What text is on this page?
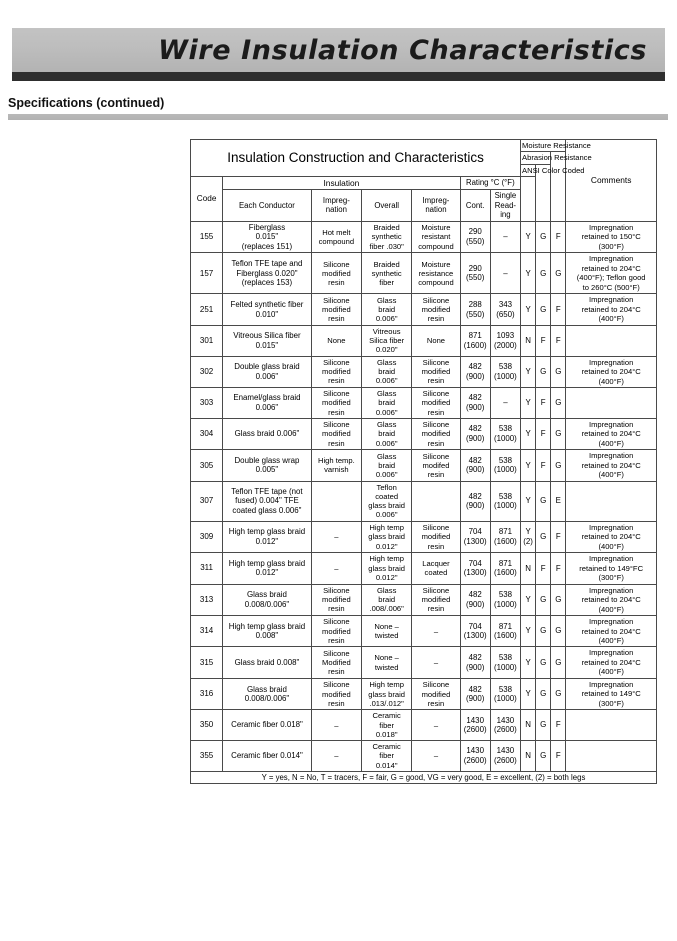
Wire Insulation Characteristics
Specifications (continued)
Insulation Construction and Characteristics							Moisture Resistance			Comments
							Abrasion Resistance			
							ANSI Color Coded			
Code	Insulation				Rating °C (°F)					
	Each Conductor	Impreg-
nation	Overall	Impreg-
nation	Cont.	Single
Read-
ing				

155	Fiberglass
0.015"
(replaces 151)	Hot melt
compound	Braided
synthetic
fiber .030"	Moisture
resistant
compound	290
(550)	–	Y	G	F	Impregnation
retained to 150°C
(300°F)
157	Teflon TFE tape and
Fiberglass 0.020"
(replaces 153)	Silicone
modified
resin	Braided
synthetic
fiber	Moisture
resistance
compound	290
(550)	–	Y	G	G	Impregnation
retained to 204°C
(400°F); Teflon good
to 260°C (500°F)
251	Felted synthetic fiber
0.010"	Silicone
modified
resin	Glass
braid
0.006"	Silicone
modified
resin	288
(550)	343
(650)	Y	G	F	Impregnation
retained to 204°C
(400°F)
301	Vitreous Silica fiber
0.015"	None	Vitreous
Silica fiber
0.020"	None	871
(1600)	1093
(2000)	N	F	F	
302	Double glass braid
0.006"	Silicone
modified
resin	Glass
braid
0.006"	Silicone
modified
resin	482
(900)	538
(1000)	Y	G	G	Impregnation
retained to 204°C
(400°F)
303	Enamel/glass braid
0.006"	Silicone
modified
resin	Glass
braid
0.006"	Silicone
modified
resin	482
(900)	–	Y	F	G	
304	Glass braid 0.006"	Silicone
modified
resin	Glass
braid
0.006"	Silicone
modified
resin	482
(900)	538
(1000)	Y	F	G	Impregnation
retained to 204°C
(400°F)
305	Double glass wrap
0.005"	High temp.
varnish	Glass
braid
0.006"	Silicone
modifed
resin	482
(900)	538
(1000)	Y	F	G	Impregnation
retained to 204°C
(400°F)
307	Teflon TFE tape (not
fused) 0.004" TFE
coated glass 0.006"		Teflon
coated
glass braid
0.006"		482
(900)	538
(1000)	Y	G	E	
309	High temp glass braid
0.012"	–	High temp
glass braid
0.012"	Silicone
modified
resin	704
(1300)	871
(1600)	Y
(2)	G	F	Impregnation
retained to 204°C
(400°F)
311	High temp glass braid
0.012"	–	High temp
glass braid
0.012"	Lacquer
coated	704
(1300)	871
(1600)	N	F	F	Impregnation
retained to 149°FC
(300°F)
313	Glass braid
0.008/0.006"	Silicone
modified
resin	Glass
braid
.008/.006"	Silicone
modified
resin	482
(900)	538
(1000)	Y	G	G	Impregnation
retained to 204°C
(400°F)
314	High temp glass braid
0.008"	Silicone
modified
resin	None –
twisted	–	704
(1300)	871
(1600)	Y	G	G	Impregnation
retained to 204°C
(400°F)
315	Glass braid 0.008"	Silicone
Modified
resin	None –
twisted	–	482
(900)	538
(1000)	Y	G	G	Impregnation
retained to 204°C
(400°F)
316	Glass braid
0.008/0.006"	Silicone
modified
resin	High temp
glass braid
.013/.012"	Silicone
modified
resin	482
(900)	538
(1000)	Y	G	G	Impregnation
retained to 149°C
(300°F)
350	Ceramic fiber 0.018"	–	Ceramic
fiber
0.018"	–	1430
(2600)	1430
(2600)	N	G	F	
355	Ceramic fiber 0.014"	–	Ceramic
fiber
0.014"	–	1430
(2600)	1430
(2600)	N	G	F	
Y = yes, N = No, T = tracers, F = fair, G = good, VG = very good, E = excellent, (2) = both legs										
